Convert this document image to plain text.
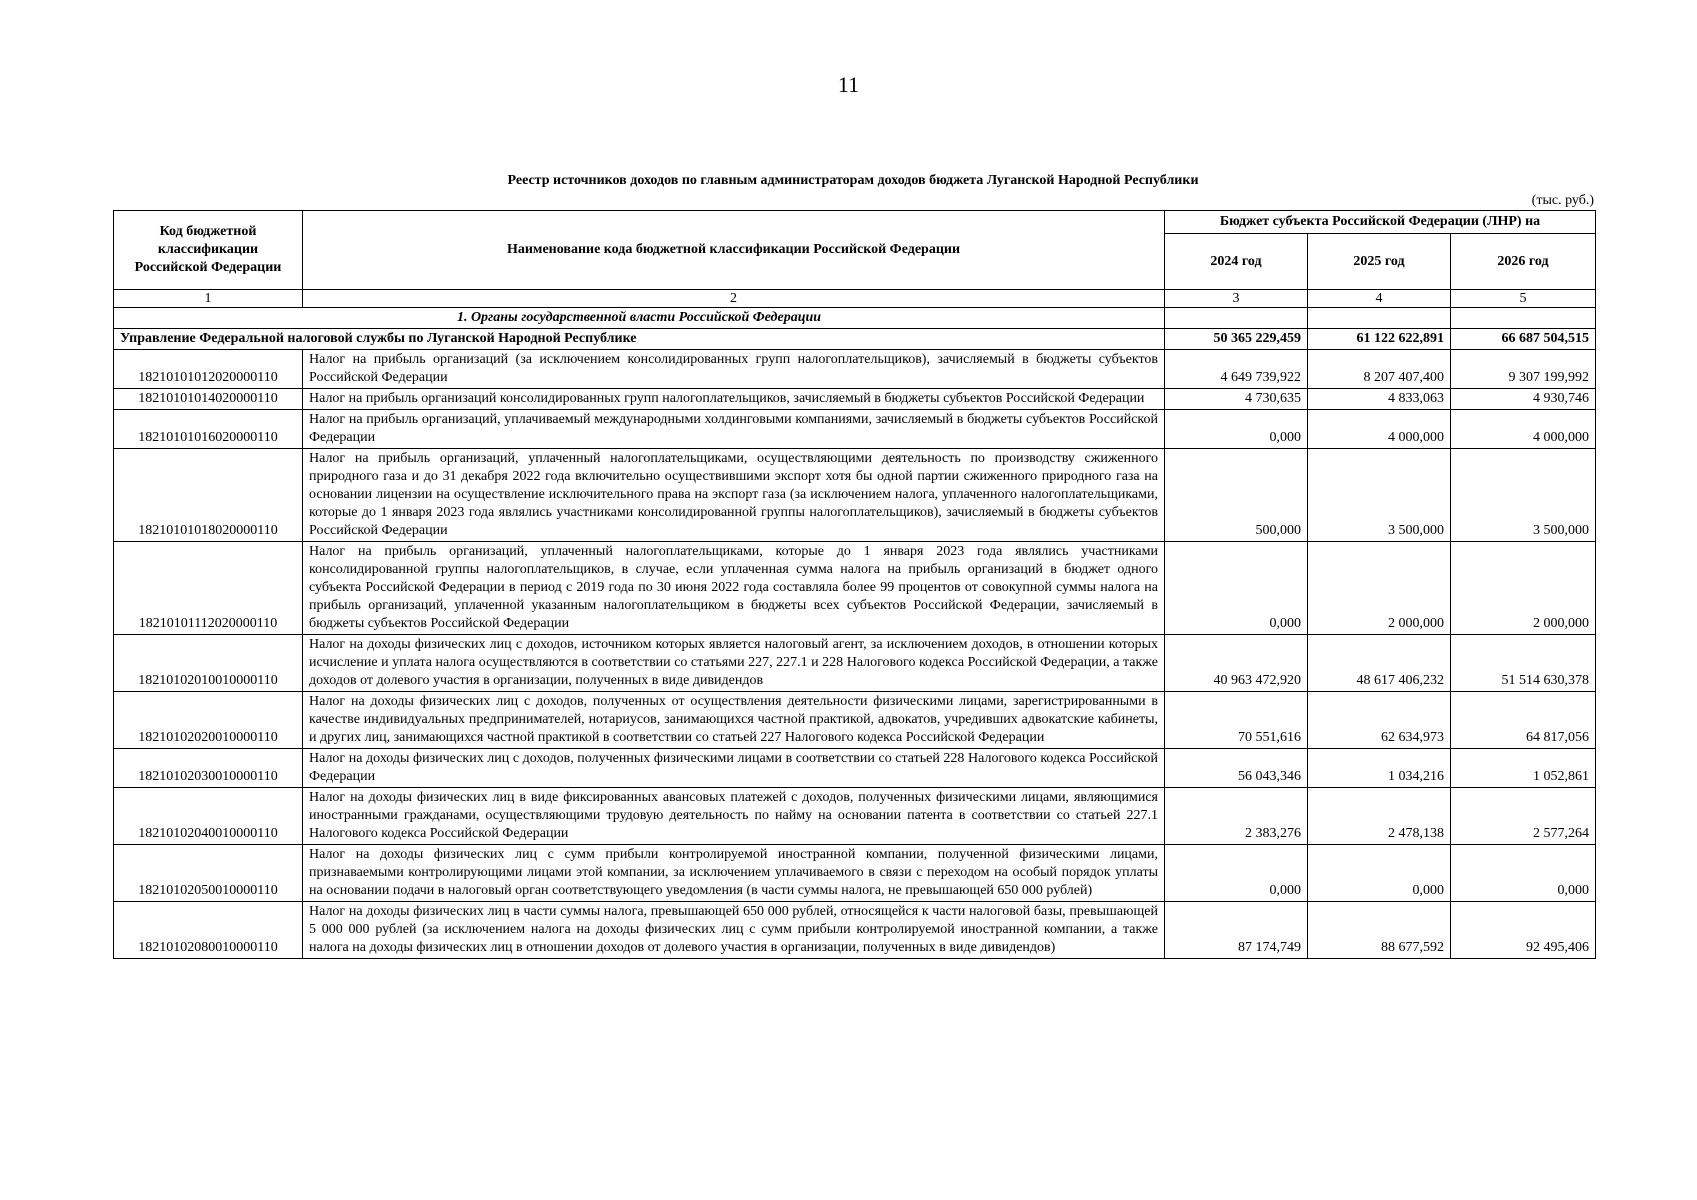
11
Реестр источников доходов по главным администраторам доходов бюджета Луганской Народной Республики
(тыс. руб.)
Код бюджетной классификации Российской Федерации	Наименование кода бюджетной классификации Российской Федерации	Бюджет субъекта Российской Федерации (ЛНР) на		
		2024 год	2025 год	2026 год
1	2	3	4	5
1. Органы государственной власти Российской Федерации				
Управление Федеральной налоговой службы по Луганской Народной Республике		50 365 229,459	61 122 622,891	66 687 504,515
18210101012020000110	Налог на прибыль организаций (за исключением консолидированных групп налогоплательщиков), зачисляемый в бюджеты субъектов Российской Федерации	4 649 739,922	8 207 407,400	9 307 199,992
18210101014020000110	Налог на прибыль организаций консолидированных групп налогоплательщиков, зачисляемый в бюджеты субъектов Российской Федерации	4 730,635	4 833,063	4 930,746
18210101016020000110	Налог на прибыль организаций, уплачиваемый международными холдинговыми компаниями, зачисляемый в бюджеты субъектов Российской Федерации	0,000	4 000,000	4 000,000
18210101018020000110	Налог на прибыль организаций, уплаченный налогоплательщиками, осуществляющими деятельность по производству сжиженного природного газа и до 31 декабря 2022 года включительно осуществившими экспорт хотя бы одной партии сжиженного природного газа на основании лицензии на осуществление исключительного права на экспорт газа (за исключением налога, уплаченного налогоплательщиками, которые до 1 января 2023 года являлись участниками консолидированной группы налогоплательщиков), зачисляемый в бюджеты субъектов Российской Федерации	500,000	3 500,000	3 500,000
18210101112020000110	Налог на прибыль организаций, уплаченный налогоплательщиками, которые до 1 января 2023 года являлись участниками консолидированной группы налогоплательщиков, в случае, если уплаченная сумма налога на прибыль организаций в бюджет одного субъекта Российской Федерации в период с 2019 года по 30 июня 2022 года составляла более 99 процентов от совокупной суммы налога на прибыль организаций, уплаченной указанным налогоплательщиком в бюджеты всех субъектов Российской Федерации, зачисляемый в бюджеты субъектов Российской Федерации	0,000	2 000,000	2 000,000
18210102010010000110	Налог на доходы физических лиц с доходов, источником которых является налоговый агент, за исключением доходов, в отношении которых исчисление и уплата налога осуществляются в соответствии со статьями 227, 227.1 и 228 Налогового кодекса Российской Федерации, а также доходов от долевого участия в организации, полученных в виде дивидендов	40 963 472,920	48 617 406,232	51 514 630,378
18210102020010000110	Налог на доходы физических лиц с доходов, полученных от осуществления деятельности физическими лицами, зарегистрированными в качестве индивидуальных предпринимателей, нотариусов, занимающихся частной практикой, адвокатов, учредивших адвокатские кабинеты, и других лиц, занимающихся частной практикой в соответствии со статьей 227 Налогового кодекса Российской Федерации	70 551,616	62 634,973	64 817,056
18210102030010000110	Налог на доходы физических лиц с доходов, полученных физическими лицами в соответствии со статьей 228 Налогового кодекса Российской Федерации	56 043,346	1 034,216	1 052,861
18210102040010000110	Налог на доходы физических лиц в виде фиксированных авансовых платежей с доходов, полученных физическими лицами, являющимися иностранными гражданами, осуществляющими трудовую деятельность по найму на основании патента в соответствии со статьей 227.1 Налогового кодекса Российской Федерации	2 383,276	2 478,138	2 577,264
18210102050010000110	Налог на доходы физических лиц с сумм прибыли контролируемой иностранной компании, полученной физическими лицами, признаваемыми контролирующими лицами этой компании, за исключением уплачиваемого в связи с переходом на особый порядок уплаты на основании подачи в налоговый орган соответствующего уведомления (в части суммы налога, не превышающей 650 000 рублей)	0,000	0,000	0,000
18210102080010000110	Налог на доходы физических лиц в части суммы налога, превышающей 650 000 рублей, относящейся к части налоговой базы, превышающей 5 000 000 рублей (за исключением налога на доходы физических лиц с сумм прибыли контролируемой иностранной компании, а также налога на доходы физических лиц в отношении доходов от долевого участия в организации, полученных в виде дивидендов)	87 174,749	88 677,592	92 495,406
